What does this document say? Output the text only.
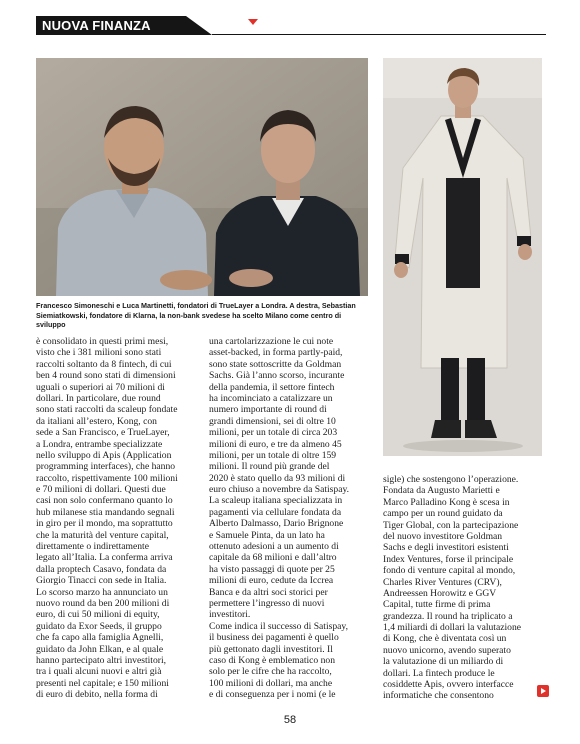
NUOVA FINANZA
Francesco Simoneschi e Luca Martinetti, fondatori di TrueLayer a Londra. A destra, Sebastian
Siemiatkowski, fondatore di Klarna, la non-bank svedese ha scelto Milano come centro di sviluppo
è consolidato in questi primi mesi,
visto che i 381 milioni sono stati
raccolti soltanto da 8 fintech, di cui
ben 4 round sono stati di dimensioni
uguali o superiori ai 70 milioni di
dollari. In particolare, due round
sono stati raccolti da scaleup fondate
da italiani all’estero, Kong, con
sede a San Francisco, e TrueLayer,
a Londra, entrambe specializzate
nello sviluppo di Apis (Application
programming interfaces), che hanno
raccolto, rispettivamente 100 milioni
e 70 milioni di dollari. Questi due
casi non solo confermano quanto lo
hub milanese stia mandando segnali
in giro per il mondo, ma soprattutto
che la maturità del venture capital,
direttamente o indirettamente
legato all’Italia. La conferma arriva
dalla proptech Casavo, fondata da
Giorgio Tinacci con sede in Italia.
Lo scorso marzo ha annunciato un
nuovo round da ben 200 milioni di
euro, di cui 50 milioni di equity,
guidato da Exor Seeds, il gruppo
che fa capo alla famiglia Agnelli,
guidato da John Elkan, e al quale
hanno partecipato altri investitori,
tra i quali alcuni nuovi e altri già
presenti nel capitale; e 150 milioni
di euro di debito, nella forma di
una cartolarizzazione le cui note
asset-backed, in forma partly-paid,
sono state sottoscritte da Goldman
Sachs. Già l’anno scorso, incurante
della pandemia, il settore fintech
ha incominciato a catalizzare un
numero importante di round di
grandi dimensioni, sei di oltre 10
milioni, per un totale di circa 203
milioni di euro, e tre da almeno 45
milioni, per un totale di oltre 159
milioni. Il round più grande del
2020 è stato quello da 93 milioni di
euro chiuso a novembre da Satispay.
La scaleup italiana specializzata in
pagamenti via cellulare fondata da
Alberto Dalmasso, Dario Brignone
e Samuele Pinta, da un lato ha
ottenuto adesioni a un aumento di
capitale da 68 milioni e dall’altro
ha visto passaggi di quote per 25
milioni di euro, cedute da Iccrea
Banca e da altri soci storici per
permettere l’ingresso di nuovi
investitori.
Come indica il successo di Satispay,
il business dei pagamenti è quello
più gettonato dagli investitori. Il
caso di Kong è emblematico non
solo per le cifre che ha raccolto,
100 milioni di dollari, ma anche
e di conseguenza per i nomi (e le
sigle) che sostengono l’operazione.
Fondata da Augusto Marietti e
Marco Palladino Kong è scesa in
campo per un round guidato da
Tiger Global, con la partecipazione
del nuovo investitore Goldman
Sachs e degli investitori esistenti
Index Ventures, forse il principale
fondo di venture capital al mondo,
Charles River Ventures (CRV),
Andreessen Horowitz e GGV
Capital, tutte firme di prima
grandezza. Il round ha triplicato a
1,4 miliardi di dollari la valutazione
di Kong, che è diventata così un
nuovo unicorno, avendo superato
la valutazione di un miliardo di
dollari. La fintech produce le
cosiddette Apis, ovvero interfacce
informatiche che consentono
58
